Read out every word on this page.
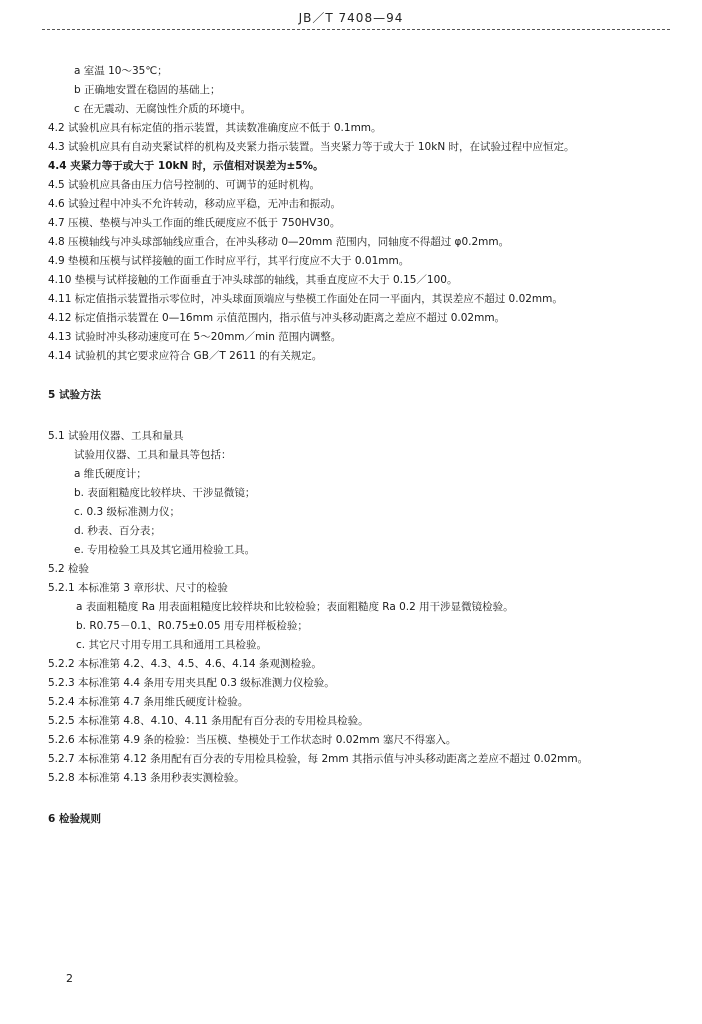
JB／T 7408—94
a 室温 10～35℃；
b 正确地安置在稳固的基础上；
c 在无震动、无腐蚀性介质的环境中。
4.2 试验机应具有标定值的指示装置，其读数准确度应不低于 0.1mm。
4.3 试验机应具有自动夹紧试样的机构及夹紧力指示装置。当夹紧力等于或大于 10kN 时，在试验过程中应恒定。
4.4 夹紧力等于或大于 10kN 时，示值相对误差为±5%。
4.5 试验机应具备由压力信号控制的、可调节的延时机构。
4.6 试验过程中冲头不允许转动，移动应平稳，无冲击和振动。
4.7 压模、垫模与冲头工作面的维氏硬度应不低于 750HV30。
4.8 压模轴线与冲头球部轴线应重合，在冲头移动 0—20mm 范围内，同轴度不得超过 φ0.2mm。
4.9 垫模和压模与试样接触的面工作时应平行，其平行度应不大于 0.01mm。
4.10 垫模与试样接触的工作面垂直于冲头球部的轴线，其垂直度应不大于 0.15／100。
4.11 标定值指示装置指示零位时，冲头球面顶端应与垫模工作面处在同一平面内，其误差应不超过 0.02mm。
4.12 标定值指示装置在 0—16mm 示值范围内，指示值与冲头移动距离之差应不超过 0.02mm。
4.13 试验时冲头移动速度可在 5～20mm／min 范围内调整。
4.14 试验机的其它要求应符合 GB／T 2611 的有关规定。
5 试验方法
5.1 试验用仪器、工具和量具
试验用仪器、工具和量具等包括：
a 维氏硬度计；
b. 表面粗糙度比较样块、干涉显微镜；
c. 0.3 级标准测力仪；
d. 秒表、百分表；
e. 专用检验工具及其它通用检验工具。
5.2 检验
5.2.1 本标准第 3 章形状、尺寸的检验
a 表面粗糙度 Ra 用表面粗糙度比较样块和比较检验；表面粗糙度 Ra 0.2 用干涉显微镜检验。
b. R0.75－0.1、R0.75±0.05 用专用样板检验；
c. 其它尺寸用专用工具和通用工具检验。
5.2.2 本标准第 4.2、4.3、4.5、4.6、4.14 条观测检验。
5.2.3 本标准第 4.4 条用专用夹具配 0.3 级标准测力仪检验。
5.2.4 本标准第 4.7 条用维氏硬度计检验。
5.2.5 本标准第 4.8、4.10、4.11 条用配有百分表的专用检具检验。
5.2.6 本标准第 4.9 条的检验：当压模、垫模处于工作状态时 0.02mm 塞尺不得塞入。
5.2.7 本标准第 4.12 条用配有百分表的专用检具检验，每 2mm 其指示值与冲头移动距离之差应不超过 0.02mm。
5.2.8 本标准第 4.13 条用秒表实测检验。
6 检验规则
2
